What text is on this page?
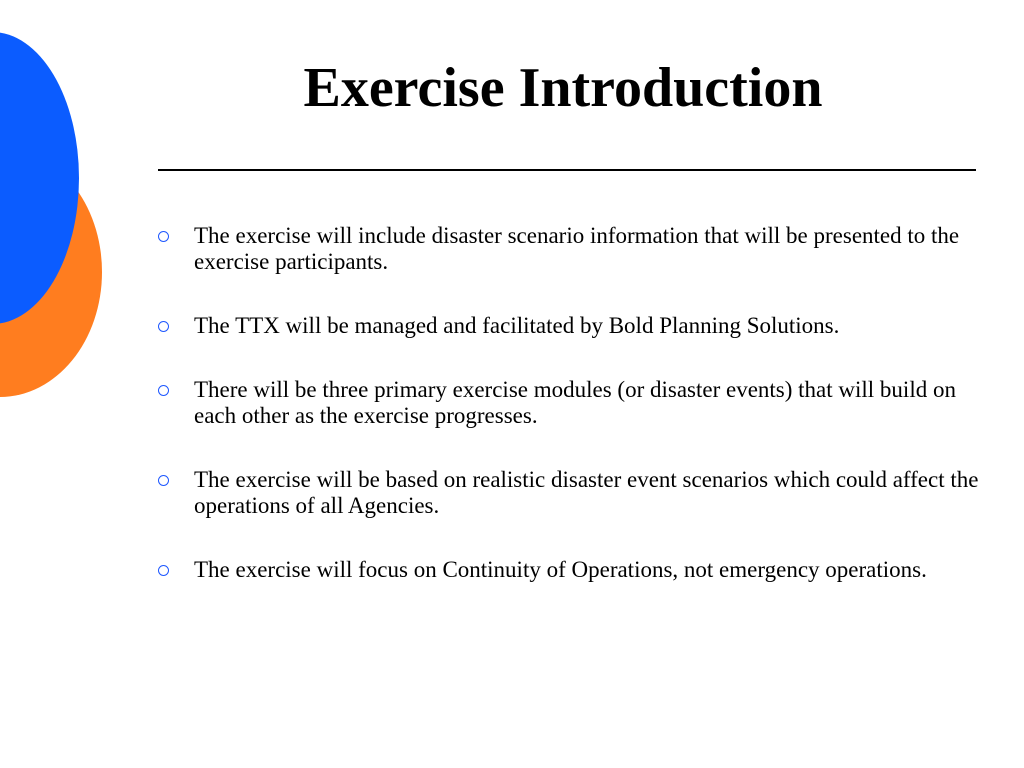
Exercise Introduction
The exercise will include disaster scenario information that will be presented to the exercise participants.
The TTX will be managed and facilitated by Bold Planning Solutions.
There will be three primary exercise modules (or disaster events) that will build on each other as the exercise progresses.
The exercise will be based on realistic disaster event scenarios which could affect the operations of all Agencies.
The exercise will focus on Continuity of Operations, not emergency operations.
